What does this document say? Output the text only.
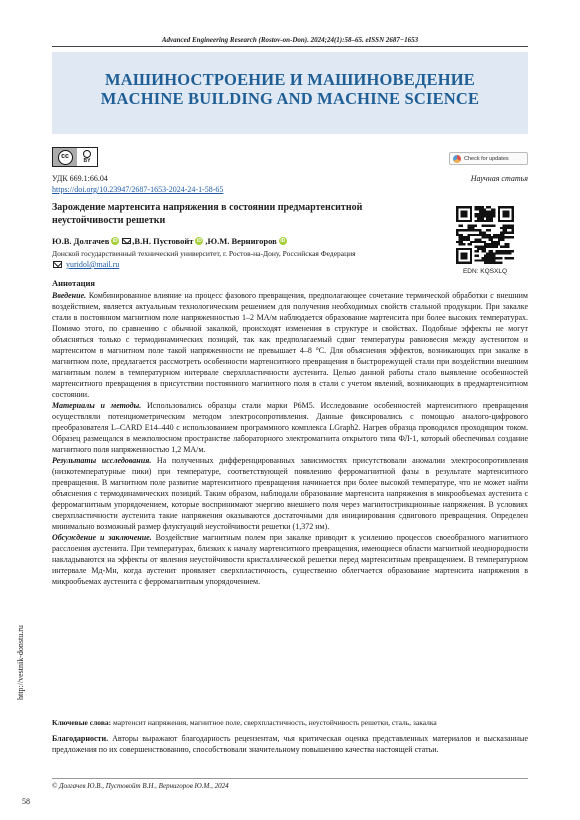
Advanced Engineering Research (Rostov-on-Don). 2024;24(1):58–65. eISSN 2687−1653
МАШИНОСТРОЕНИЕ И МАШИНОВЕДЕНИЕ
MACHINE BUILDING AND MACHINE SCIENCE
cc
BY	Check for updates
УДК 669.1:66.04
https://doi.org/10.23947/2687-1653-2024-24-1-58-65
Научная статья
Зарождение мартенсита напряжения в состоянии предмартенситной неустойчивости решетки
Ю.В. Долгачев iD , В.Н. Пустовойт iD , Ю.М. Вернигоров iD
Донской государственный технический университет, г. Ростов-на-Дону, Российская Федерация
yuridol@mail.ru
EDN: KQSXLQ
Аннотация

Введение. Комбинированное влияние на процесс фазового превращения, предполагающее сочетание термической обработки с внешним воздействием, является актуальным технологическим решением для получения необходимых свойств стальной продукции. При закалке стали в постоянном магнитном поле напряженностью 1–2 МА/м наблюдается образование мартенсита при более высоких температурах. Помимо этого, по сравнению с обычной закалкой, происходят изменения в структуре и свойствах. Подобные эффекты не могут объясняться только с термодинамических позиций, так как предполагаемый сдвиг температуры равновесия между аустенитом и мартенситом в магнитном поле такой напряженности не превышает 4–8 °С. Для объяснения эффектов, возникающих при закалке в магнитном поле, предлагается рассмотреть особенности мартенситного превращения в быстрорежущей стали при воздействии внешним магнитным полем в температурном интервале сверхпластичности аустенита. Целью данной работы стало выявление особенностей мартенситного превращения в присутствии постоянного магнитного поля в стали с учетом явлений, возникающих в предмартенситном состоянии.

Материалы и методы. Использовались образцы стали марки Р6М5. Исследование особенностей мартенситного превращения осуществляли потенциометрическим методом электросопротивления. Данные фиксировались с помощью аналого-цифрового преобразователя L–CARD E14–440 с использованием программного комплекса LGraph2. Нагрев образца проводился проходящим током. Образец размещался в межполюсном пространстве лабораторного электромагнита открытого типа ФЛ-1, который обеспечивал создание магнитного поля напряженностью 1,2 МА/м.

Результаты исследования. На полученных дифференцированных зависимостях присутствовали аномалии электросопротивления (низкотемпературные пики) при температуре, соответствующей появлению ферромагнитной фазы в результате мартенситного превращения. В магнитном поле развитие мартенситного превращения начинается при более высокой температуре, что не может найти объяснения с термодинамических позиций. Таким образом, наблюдали образование мартенсита напряжения в микрообъемах аустенита с ферромагнитным упорядочением, которые воспринимают энергию внешнего поля через магнитострикционные напряжения. В условиях сверхпластичности аустенита такие напряжения оказываются достаточными для инициирования сдвигового превращения. Определен минимально возможный размер флуктуаций неустойчивости решетки (1,372 нм).

Обсуждение и заключение. Воздействие магнитным полем при закалке приводит к усилению процессов своеобразного магнитного расслоения аустенита. При температурах, близких к началу мартенситного превращения, имеющиеся области магнитной неоднородности накладываются на эффекты от явления неустойчивости кристаллической решетки перед мартенситным превращением. В температурном интервале Мд-Мн, когда аустенит проявляет сверхпластичность, существенно облегчается образование мартенсита напряжения в микрообъемах аустенита с ферромагнитным упорядочением.

Ключевые слова: мартенсит напряжения, магнитное поле, сверхпластичность, неустойчивость решетки, сталь, закалка
Благодарности. Авторы выражают благодарность рецензентам, чья критическая оценка представленных материалов и высказанные предложения по их совершенствованию, способствовали значительному повышению качества настоящей статьи.
© Долгачев Ю.В., Пустовойт В.Н., Вернигоров Ю.М., 2024
58
http://vestnik-donstu.ru
